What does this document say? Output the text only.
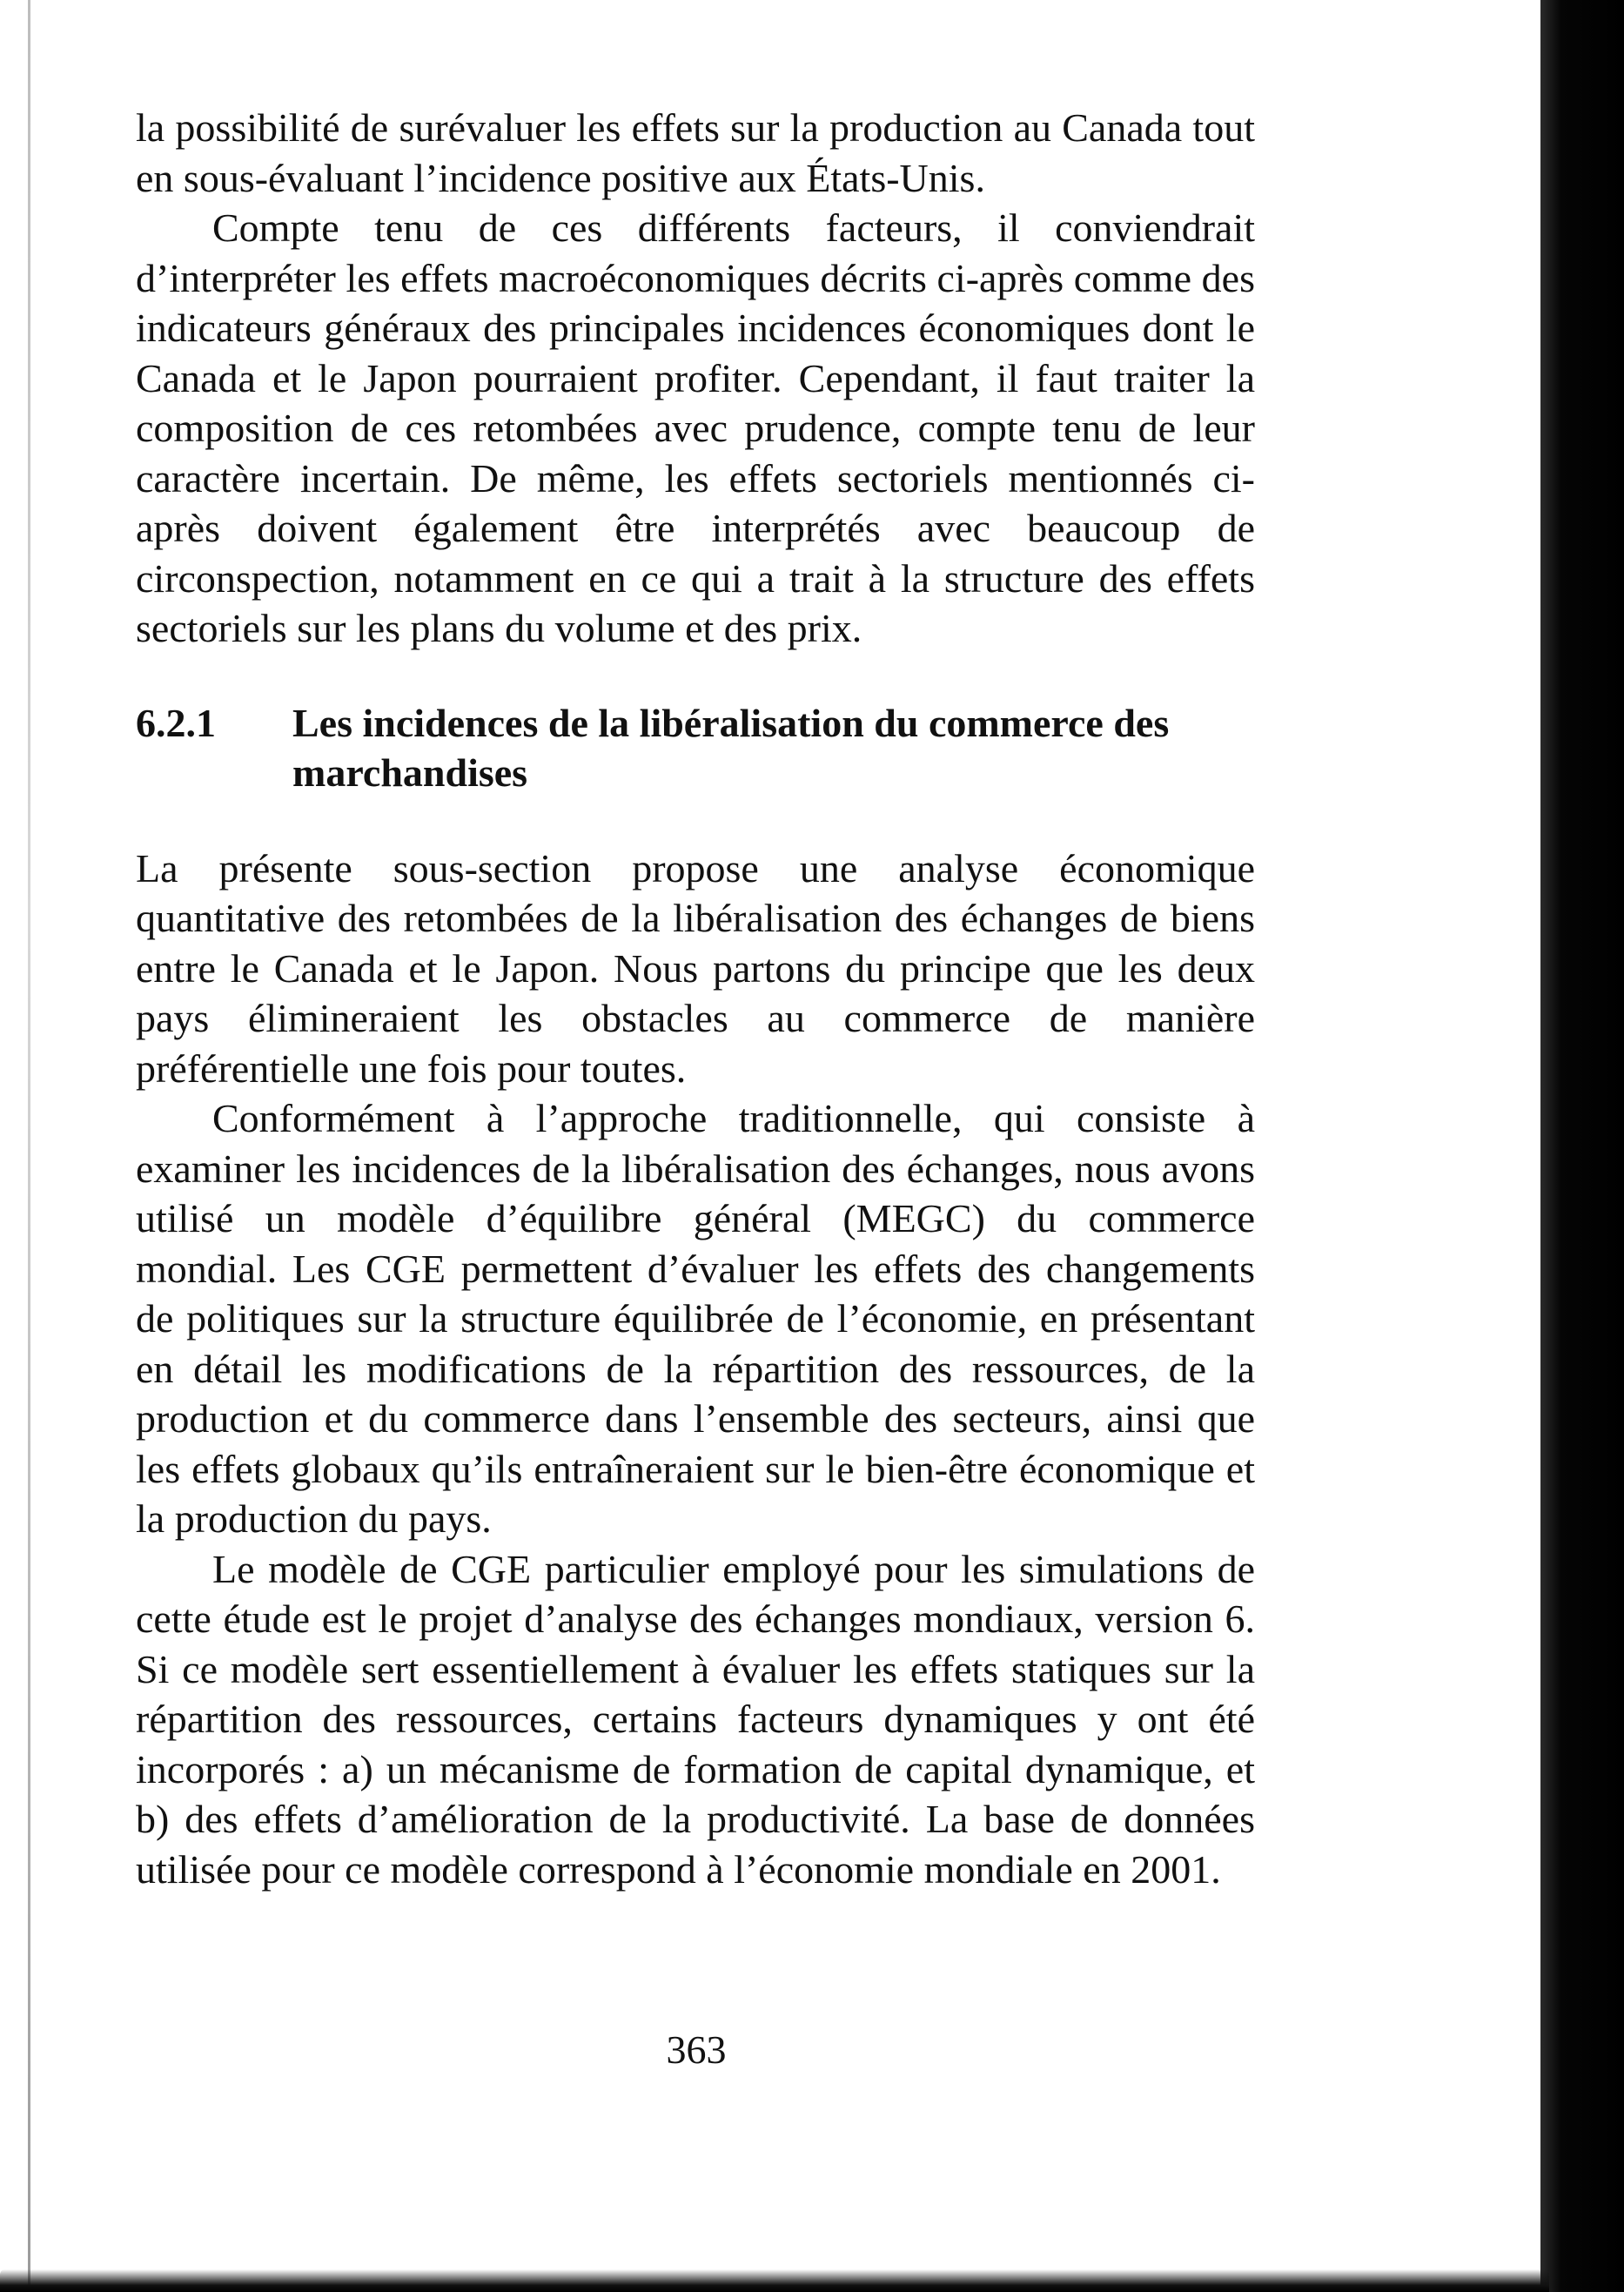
la possibilité de surévaluer les effets sur la production au Canada tout en sous-évaluant l’incidence positive aux États-Unis.

Compte tenu de ces différents facteurs, il conviendrait d’interpréter les effets macroéconomiques décrits ci-après comme des indicateurs généraux des principales incidences économiques dont le Canada et le Japon pourraient profiter. Cependant, il faut traiter la composition de ces retombées avec prudence, compte tenu de leur caractère incertain. De même, les effets sectoriels mentionnés ci-après doivent également être interprétés avec beaucoup de circonspection, notamment en ce qui a trait à la structure des effets sectoriels sur les plans du volume et des prix.

6.2.1	Les incidences de la libéralisation du commerce des marchandises

La présente sous-section propose une analyse économique quantitative des retombées de la libéralisation des échanges de biens entre le Canada et le Japon. Nous partons du principe que les deux pays élimineraient les obstacles au commerce de manière préférentielle une fois pour toutes.

Conformément à l’approche traditionnelle, qui consiste à examiner les incidences de la libéralisation des échanges, nous avons utilisé un modèle d’équilibre général (MEGC) du commerce mondial. Les CGE permettent d’évaluer les effets des changements de politiques sur la structure équilibrée de l’économie, en présentant en détail les modifications de la répartition des ressources, de la production et du commerce dans l’ensemble des secteurs, ainsi que les effets globaux qu’ils entraîneraient sur le bien-être économique et la production du pays.

Le modèle de CGE particulier employé pour les simulations de cette étude est le projet d’analyse des échanges mondiaux, version 6. Si ce modèle sert essentiellement à évaluer les effets statiques sur la répartition des ressources, certains facteurs dynamiques y ont été incorporés : a) un mécanisme de formation de capital dynamique, et b) des effets d’amélioration de la productivité. La base de données utilisée pour ce modèle correspond à l’économie mondiale en 2001.

363
